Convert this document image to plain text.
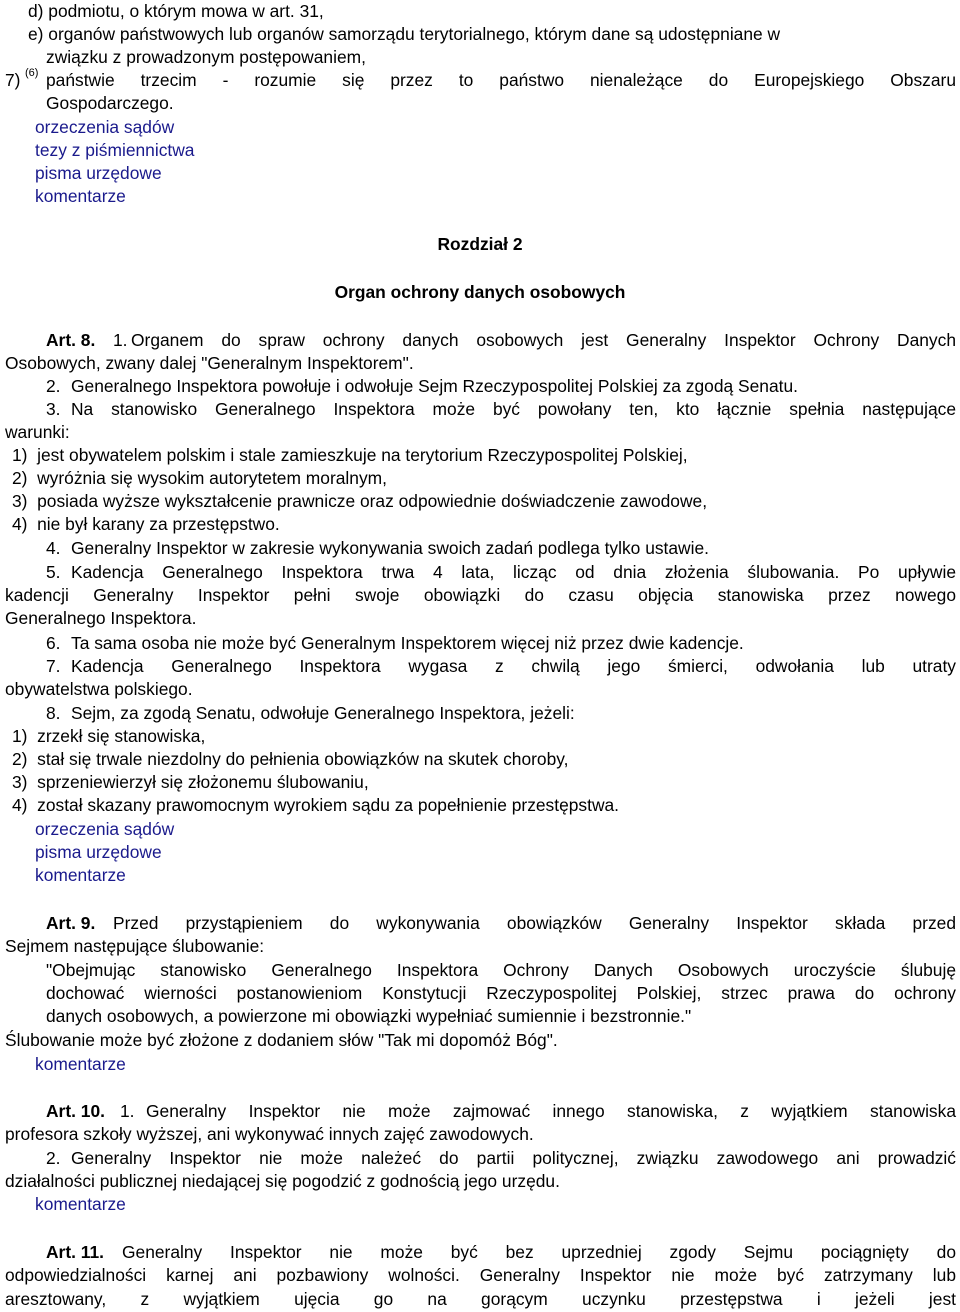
d) podmiotu, o którym mowa w art. 31,
e) organów państwowych lub organów samorządu terytorialnego, którym dane są udostępniane w
związku z prowadzonym postępowaniem,
7) (6) państwie trzecim - rozumie się przez to państwo nienależące do Europejskiego Obszaru
Gospodarczego.
orzeczenia sądów
tezy z piśmiennictwa
pisma urzędowe
komentarze
Rozdział 2
Organ ochrony danych osobowych
Art. 8. 1. Organem do spraw ochrony danych osobowych jest Generalny Inspektor Ochrony Danych
Osobowych, zwany dalej "Generalnym Inspektorem".
2. Generalnego Inspektora powołuje i odwołuje Sejm Rzeczypospolitej Polskiej za zgodą Senatu.
3. Na stanowisko Generalnego Inspektora może być powołany ten, kto łącznie spełnia następujące
warunki:
1)  jest obywatelem polskim i stale zamieszkuje na terytorium Rzeczypospolitej Polskiej,
2)  wyróżnia się wysokim autorytetem moralnym,
3)  posiada wyższe wykształcenie prawnicze oraz odpowiednie doświadczenie zawodowe,
4)  nie był karany za przestępstwo.
4. Generalny Inspektor w zakresie wykonywania swoich zadań podlega tylko ustawie.
5. Kadencja Generalnego Inspektora trwa 4 lata, licząc od dnia złożenia ślubowania. Po upływie
kadencji Generalny Inspektor pełni swoje obowiązki do czasu objęcia stanowiska przez nowego
Generalnego Inspektora.
6. Ta sama osoba nie może być Generalnym Inspektorem więcej niż przez dwie kadencje.
7. Kadencja Generalnego Inspektora wygasa z chwilą jego śmierci, odwołania lub utraty
obywatelstwa polskiego.
8. Sejm, za zgodą Senatu, odwołuje Generalnego Inspektora, jeżeli:
1)  zrzekł się stanowiska,
2)  stał się trwale niezdolny do pełnienia obowiązków na skutek choroby,
3)  sprzeniewierzył się złożonemu ślubowaniu,
4)  został skazany prawomocnym wyrokiem sądu za popełnienie przestępstwa.
orzeczenia sądów
pisma urzędowe
komentarze
Art. 9. Przed przystąpieniem do wykonywania obowiązków Generalny Inspektor składa przed
Sejmem następujące ślubowanie:
"Obejmując stanowisko Generalnego Inspektora Ochrony Danych Osobowych uroczyście ślubuję
dochować wierności postanowieniom Konstytucji Rzeczypospolitej Polskiej, strzec prawa do ochrony
danych osobowych, a powierzone mi obowiązki wypełniać sumiennie i bezstronnie."
Ślubowanie może być złożone z dodaniem słów "Tak mi dopomóż Bóg".
komentarze
Art. 10. 1. Generalny Inspektor nie może zajmować innego stanowiska, z wyjątkiem stanowiska
profesora szkoły wyższej, ani wykonywać innych zajęć zawodowych.
2. Generalny Inspektor nie może należeć do partii politycznej, związku zawodowego ani prowadzić
działalności publicznej niedającej się pogodzić z godnością jego urzędu.
komentarze
Art. 11. Generalny Inspektor nie może być bez uprzedniej zgody Sejmu pociągnięty do
odpowiedzialności karnej ani pozbawiony wolności. Generalny Inspektor nie może być zatrzymany lub
aresztowany, z wyjątkiem ujęcia go na gorącym uczynku przestępstwa i jeżeli jest
